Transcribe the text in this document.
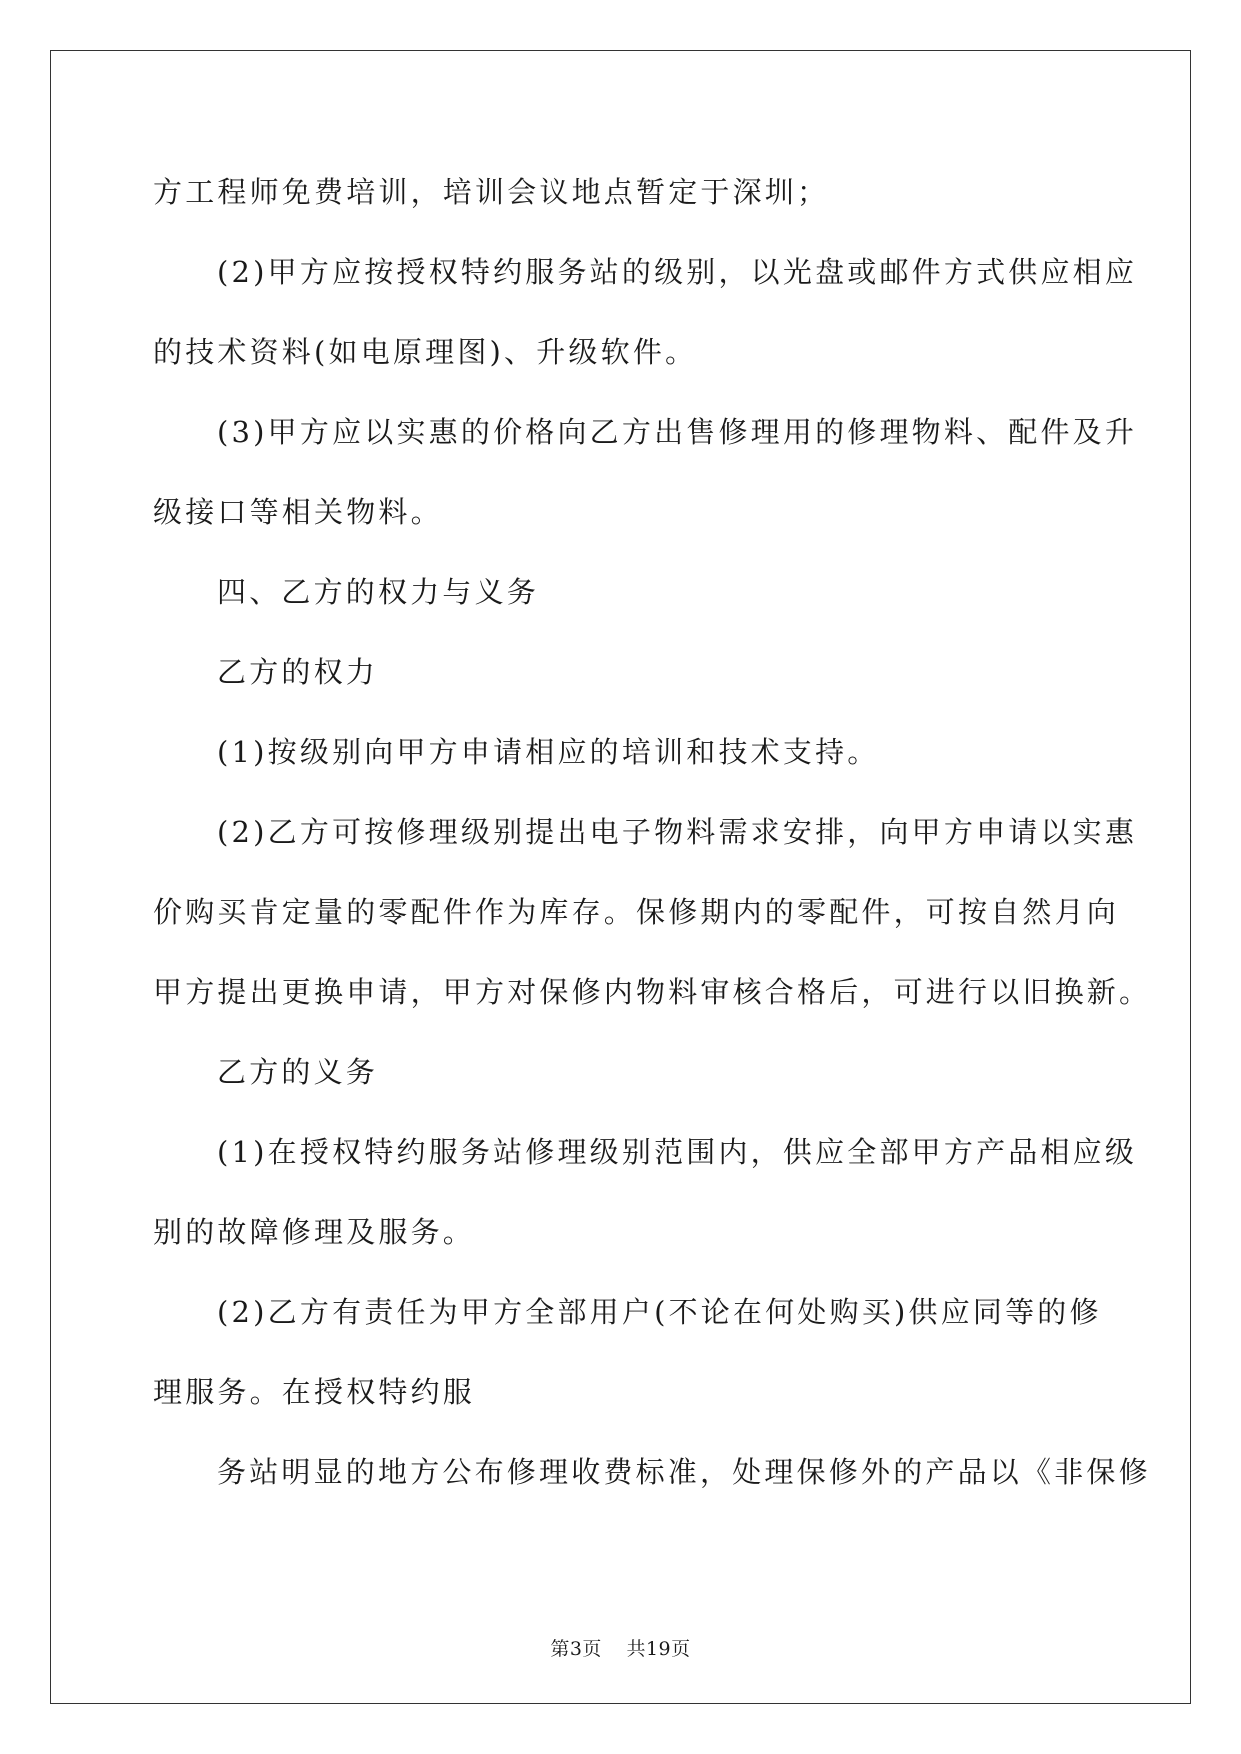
方工程师免费培训，培训会议地点暂定于深圳；
(2)甲方应按授权特约服务站的级别，以光盘或邮件方式供应相应
的技术资料(如电原理图)、升级软件。
(3)甲方应以实惠的价格向乙方出售修理用的修理物料、配件及升
级接口等相关物料。
四、乙方的权力与义务
乙方的权力
(1)按级别向甲方申请相应的培训和技术支持。
(2)乙方可按修理级别提出电子物料需求安排，向甲方申请以实惠
价购买肯定量的零配件作为库存。保修期内的零配件，可按自然月向
甲方提出更换申请，甲方对保修内物料审核合格后，可进行以旧换新。
乙方的义务
(1)在授权特约服务站修理级别范围内，供应全部甲方产品相应级
别的故障修理及服务。
(2)乙方有责任为甲方全部用户(不论在何处购买)供应同等的修
理服务。在授权特约服
务站明显的地方公布修理收费标准，处理保修外的产品以《非保修
第3页 共19页
